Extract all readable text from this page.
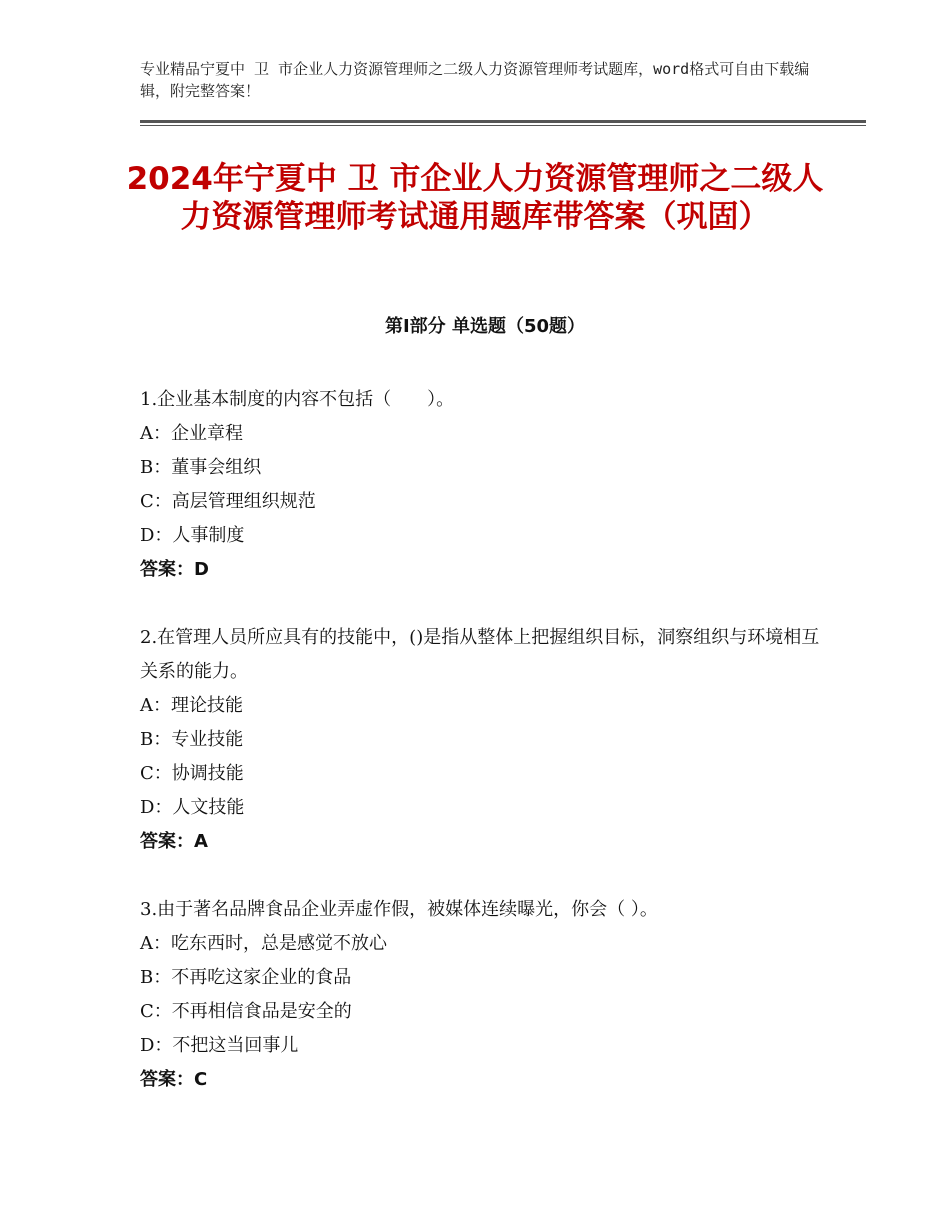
专业精品宁夏中 卫 市企业人力资源管理师之二级人力资源管理师考试题库，word格式可自由下载编辑，附完整答案！
2024年宁夏中 卫 市企业人力资源管理师之二级人力资源管理师考试通用题库带答案（巩固）
第Ⅰ部分 单选题（50题）
1.企业基本制度的内容不包括（　　）。
A：企业章程
B：董事会组织
C：高层管理组织规范
D：人事制度
答案：D
2.在管理人员所应具有的技能中，()是指从整体上把握组织目标，洞察组织与环境相互关系的能力。
A：理论技能
B：专业技能
C：协调技能
D：人文技能
答案：A
3.由于著名品牌食品企业弄虚作假，被媒体连续曝光，你会（ ）。
A：吃东西时，总是感觉不放心
B：不再吃这家企业的食品
C：不再相信食品是安全的
D：不把这当回事儿
答案：C
